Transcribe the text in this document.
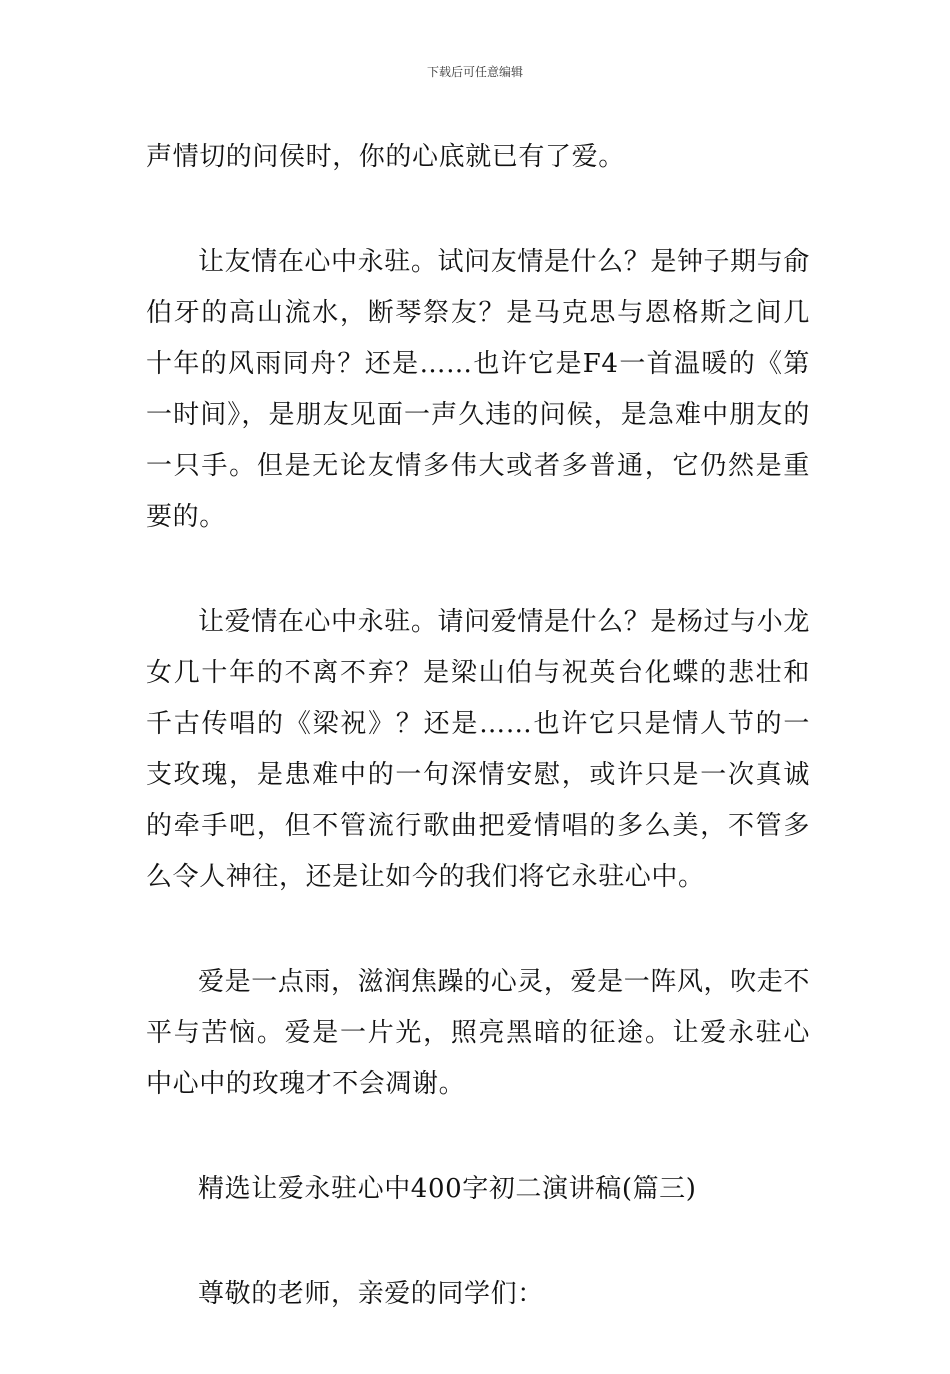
下载后可任意编辑

声情切的问侯时，你的心底就已有了爱。

让友情在心中永驻。试问友情是什么？是钟子期与俞伯牙的高山流水，断琴祭友？是马克思与恩格斯之间几十年的风雨同舟？还是……也许它是F4一首温暖的《第一时间》，是朋友见面一声久违的问候，是急难中朋友的一只手。但是无论友情多伟大或者多普通，它仍然是重要的。

让爱情在心中永驻。请问爱情是什么？是杨过与小龙女几十年的不离不弃？是梁山伯与祝英台化蝶的悲壮和千古传唱的《梁祝》？还是……也许它只是情人节的一支玫瑰，是患难中的一句深情安慰，或许只是一次真诚的牵手吧，但不管流行歌曲把爱情唱的多么美，不管多么令人神往，还是让如今的我们将它永驻心中。

爱是一点雨，滋润焦躁的心灵，爱是一阵风，吹走不平与苦恼。爱是一片光，照亮黑暗的征途。让爱永驻心中心中的玫瑰才不会凋谢。

精选让爱永驻心中400字初二演讲稿(篇三)

尊敬的老师，亲爱的同学们：
